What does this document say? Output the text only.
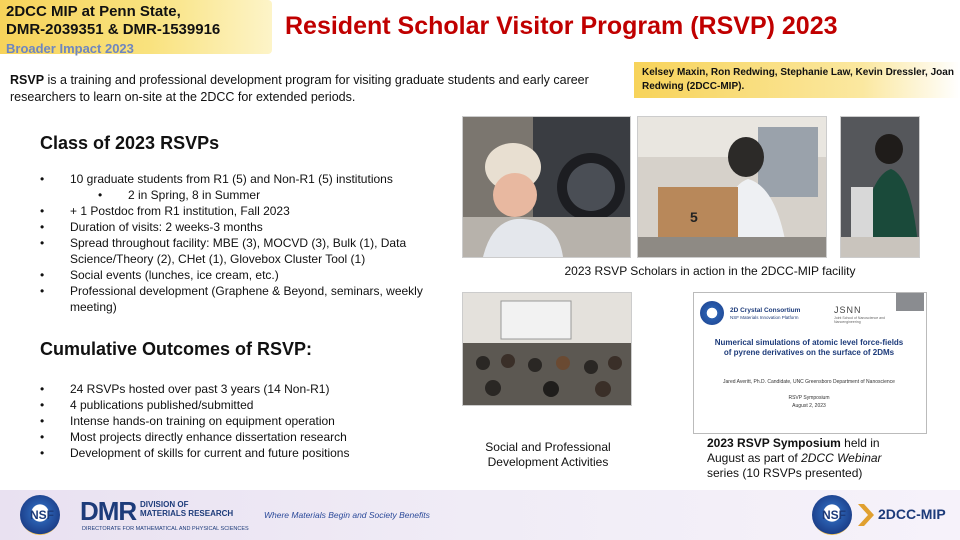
2DCC MIP at Penn State,
DMR-2039351 & DMR-1539916
Broader Impact 2023
Resident Scholar Visitor Program (RSVP) 2023
RSVP is a training and professional development program for visiting graduate students and early career researchers to learn on-site at the 2DCC for extended periods.
Kelsey Maxin, Ron Redwing, Stephanie Law, Kevin Dressler, Joan Redwing (2DCC-MIP).
Class of 2023 RSVPs
• 10 graduate students from R1 (5) and Non-R1 (5) institutions
• 2 in Spring, 8 in Summer
• + 1 Postdoc from R1 institution, Fall 2023
• Duration of visits: 2 weeks-3 months
• Spread throughout facility: MBE (3), MOCVD (3), Bulk (1), Data Science/Theory (2), CHet (1), Glovebox Cluster Tool (1)
• Social events (lunches, ice cream, etc.)
• Professional development (Graphene & Beyond, seminars, weekly meeting)
Cumulative Outcomes of RSVP:
• 24 RSVPs hosted over past 3 years (14 Non-R1)
• 4 publications published/submitted
• Intense hands-on training on equipment operation
• Most projects directly enhance dissertation research
• Development of skills for current and future positions
5
2023 RSVP Scholars in action in the 2DCC-MIP facility
Social and Professional Development Activities
2D Crystal Consortium
NSF Materials Innovation Platform
JSNN
Joint School of Nanoscience and Nanoengineering
Numerical simulations of atomic level force-fields of pyrene derivatives on the surface of 2DMs
Jared Averitt, Ph.D. Candidate, UNC Greensboro Department of Nanoscience
RSVP Symposium
August 2, 2023
2023 RSVP Symposium held in August as part of 2DCC Webinar series (10 RSVPs presented)
NSF DMR DIVISION OF
MATERIALS RESEARCH
DIRECTORATE FOR MATHEMATICAL AND PHYSICAL SCIENCES
Where Materials Begin and Society Benefits	NSF 2DCC-MIP
